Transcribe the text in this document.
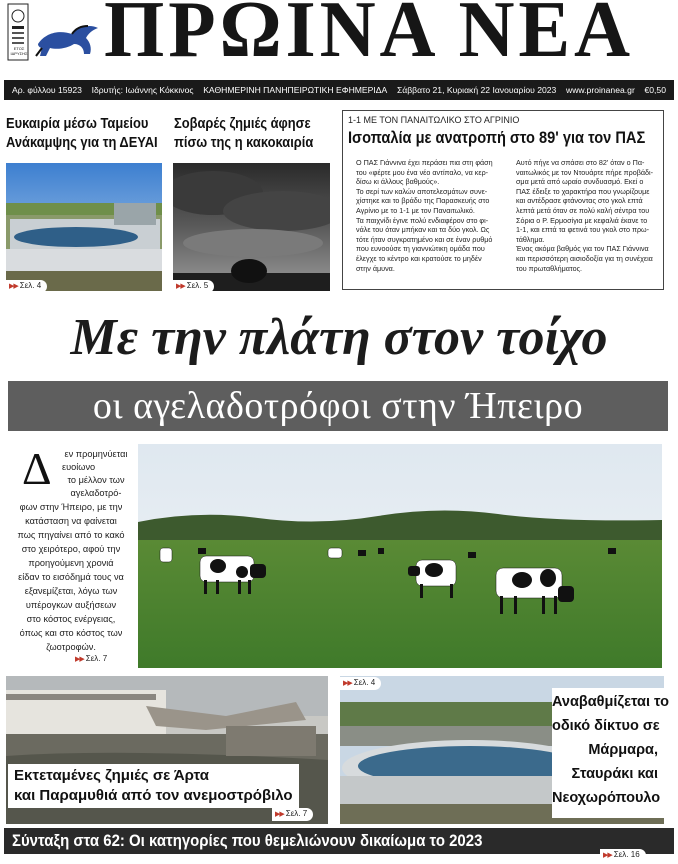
ΕΤΟΣ ΙΔΡΥΣΗΣ ΠΡΩΙΝΑ ΝΕΑ
Αρ. φύλλου 15923 Ιδρυτής: Ιωάννης Κόκκινος ΚΑΘΗΜΕΡΙΝΗ ΠΑΝΗΠΕΙΡΩΤΙΚΗ ΕΦΗΜΕΡΙΔΑ Σάββατο 21, Κυριακή 22 Ιανουαρίου 2023 www.proinanea.gr €0,50
Ευκαιρία μέσω Ταμείου
Ανάκαμψης για τη ΔΕΥΑΙ
▶▶ Σελ. 4
Σοβαρές ζημιές άφησε
πίσω της η κακοκαιρία
▶▶ Σελ. 5
1-1 ΜΕ ΤΟΝ ΠΑΝΑΙΤΩΛΙΚΟ ΣΤΟ ΑΓΡΙΝΙΟ
Ισοπαλία με ανατροπή στο 89' για τον ΠΑΣ
Ο ΠΑΣ Γιάννινα έχει περάσει πια στη φάση
του «φέρτε μου ένα νέο αντίπαλο, να κερ-
δίσω κι άλλους βαθμούς».
Το σερί των καλών αποτελεσμάτων συνε-
χίστηκε και το βράδυ της Παρασκευής στο
Αγρίνιο με το 1-1 με τον Παναιτωλικό.
Τα παιχνίδι έγινε πολύ ενδιαφέρον στο φι-
νάλε του όταν μπήκαν και τα δύο γκολ. Ως
τότε ήταν συγκρατημένο και σε έναν ρυθμό
που ευνοούσε τη γιαννιώτικη ομάδα που
έλεγχε το κέντρο και κρατούσε το μηδέν
στην άμυνα.
Αυτό πήγε να σπάσει στο 82' όταν ο Πα-
ναιτωλικός με τον Ντουάρτε πήρε προβάδι-
σμα μετά από ωραίο συνδυασμό. Εκεί ο
ΠΑΣ έδειξε το χαρακτήρα που γνωρίζουμε
και αντέδρασε φτάνοντας στο γκολ επτά
λεπτά μετά όταν σε πολύ καλή σέντρα του
Σόρια ο Ρ. Ερμοσίγια με κεφαλιά έκανε το
1-1, και επτά τα φετινά του γκολ στο πρω-
τάθλημα.
Ένας ακόμα βαθμός για τον ΠΑΣ Γιάννινα
και περισσότερη αισιοδοξία για τη συνέχεια
του πρωταθλήματος.
Με την πλάτη στον τοίχο
οι αγελαδοτρόφοι στην Ήπειρο
Δ	εν προμηνύεται
ευοίωνο
το μέλλον των
αγελαδοτρό-
φων στην Ήπειρο, με την
κατάσταση να φαίνεται
πως πηγαίνει από το κακό
στο χειρότερο, αφού την
προηγούμενη χρονιά
είδαν το εισόδημά τους να
εξανεμίζεται, λόγω των
υπέρογκων αυξήσεων
στο κόστος ενέργειας,
όπως και στο κόστος των
ζωοτροφών.
▶▶ Σελ. 7
Εκτεταμένες ζημιές σε Άρτα
και Παραμυθιά από τον ανεμοστρόβιλο
▶▶ Σελ. 7
▶▶ Σελ. 4
Αναβαθμίζεται το
οδικό δίκτυο σε
Μάρμαρα,
Σταυράκι και
Νεοχωρόπουλο
Σύνταξη στα 62: Οι κατηγορίες που θεμελιώνουν δικαίωμα το 2023
▶▶ Σελ. 16
